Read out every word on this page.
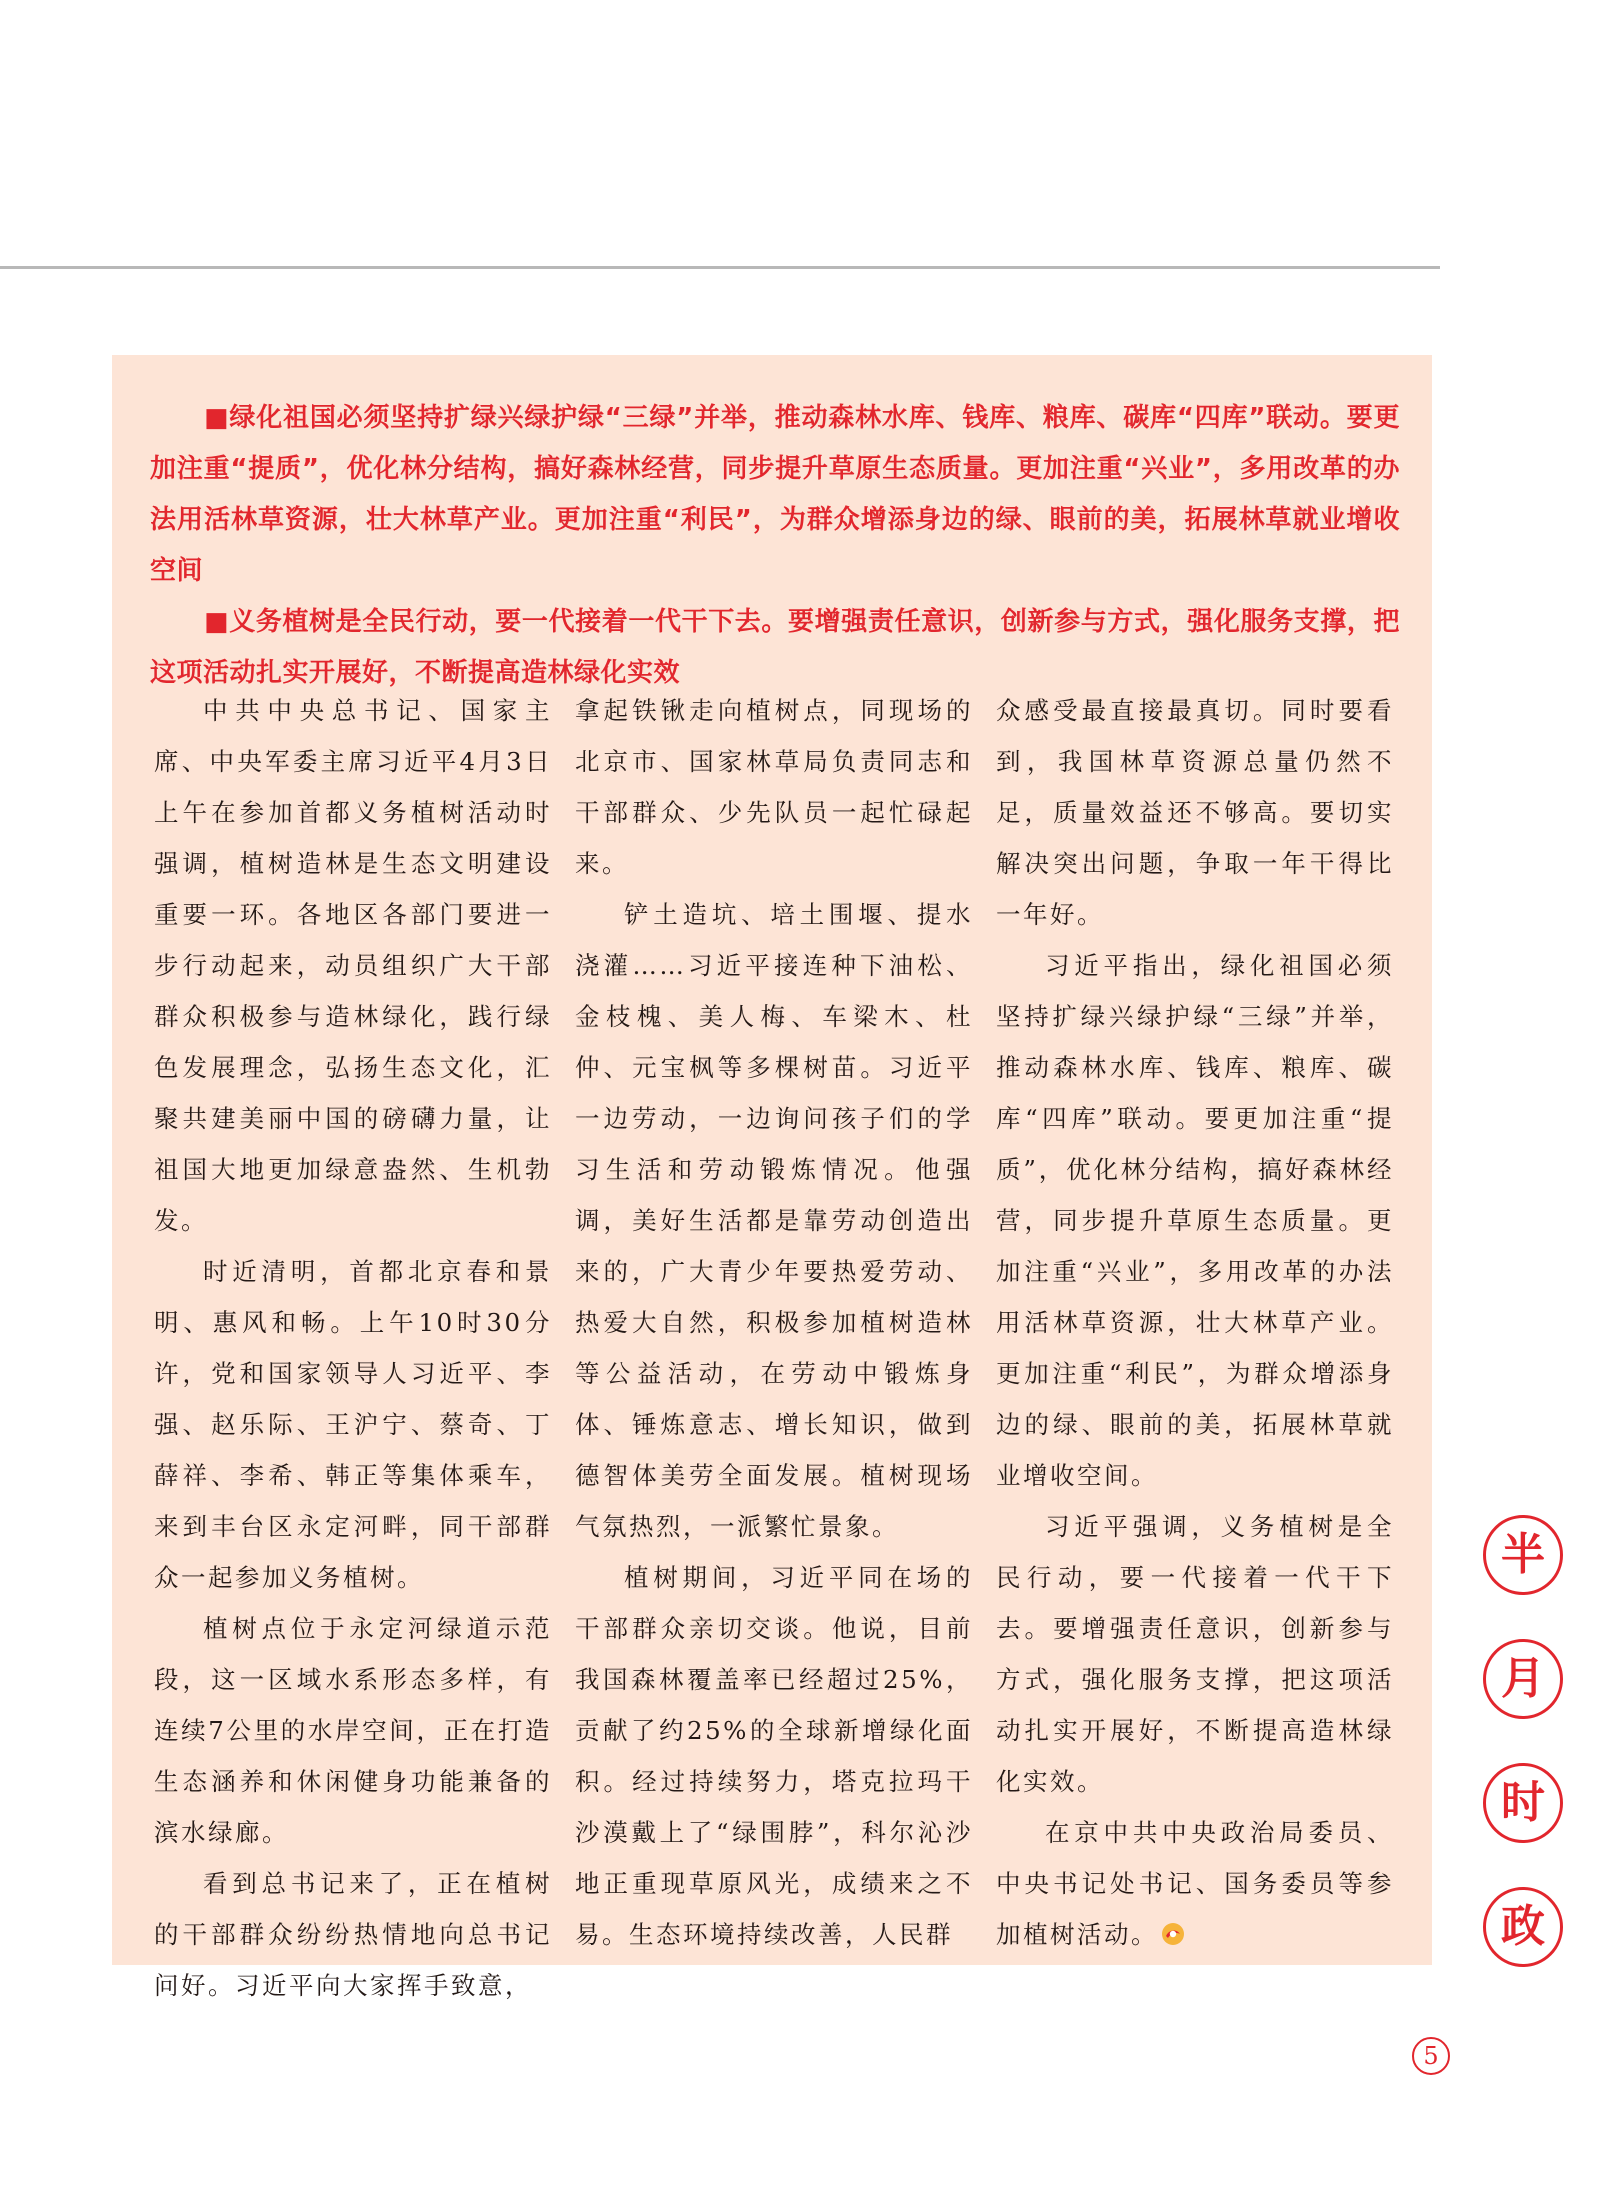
■绿化祖国必须坚持扩绿兴绿护绿“三绿”并举，推动森林水库、钱库、粮库、碳库“四库”联动。要更加注重“提质”，优化林分结构，搞好森林经营，同步提升草原生态质量。更加注重“兴业”，多用改革的办法用活林草资源，壮大林草产业。更加注重“利民”，为群众增添身边的绿、眼前的美，拓展林草就业增收空间

■义务植树是全民行动，要一代接着一代干下去。要增强责任意识，创新参与方式，强化服务支撑，把这项活动扎实开展好，不断提高造林绿化实效

中共中央总书记、国家主席、中央军委主席习近平4月3日上午在参加首都义务植树活动时强调，植树造林是生态文明建设重要一环。各地区各部门要进一步行动起来，动员组织广大干部群众积极参与造林绿化，践行绿色发展理念，弘扬生态文化，汇聚共建美丽中国的磅礴力量，让祖国大地更加绿意盎然、生机勃发。

时近清明，首都北京春和景明、惠风和畅。上午10时30分许，党和国家领导人习近平、李强、赵乐际、王沪宁、蔡奇、丁薛祥、李希、韩正等集体乘车，来到丰台区永定河畔，同干部群众一起参加义务植树。

植树点位于永定河绿道示范段，这一区域水系形态多样，有连续7公里的水岸空间，正在打造生态涵养和休闲健身功能兼备的滨水绿廊。

看到总书记来了，正在植树的干部群众纷纷热情地向总书记问好。习近平向大家挥手致意，

拿起铁锹走向植树点，同现场的北京市、国家林草局负责同志和干部群众、少先队员一起忙碌起来。

铲土造坑、培土围堰、提水浇灌……习近平接连种下油松、金枝槐、美人梅、车梁木、杜仲、元宝枫等多棵树苗。习近平一边劳动，一边询问孩子们的学习生活和劳动锻炼情况。他强调，美好生活都是靠劳动创造出来的，广大青少年要热爱劳动、热爱大自然，积极参加植树造林等公益活动，在劳动中锻炼身体、锤炼意志、增长知识，做到德智体美劳全面发展。植树现场气氛热烈，一派繁忙景象。

植树期间，习近平同在场的干部群众亲切交谈。他说，目前我国森林覆盖率已经超过25%，贡献了约25%的全球新增绿化面积。经过持续努力，塔克拉玛干沙漠戴上了“绿围脖”，科尔沁沙地正重现草原风光，成绩来之不易。生态环境持续改善，人民群

众感受最直接最真切。同时要看到，我国林草资源总量仍然不足，质量效益还不够高。要切实解决突出问题，争取一年干得比一年好。

习近平指出，绿化祖国必须坚持扩绿兴绿护绿“三绿”并举，推动森林水库、钱库、粮库、碳库“四库”联动。要更加注重“提质”，优化林分结构，搞好森林经营，同步提升草原生态质量。更加注重“兴业”，多用改革的办法用活林草资源，壮大林草产业。更加注重“利民”，为群众增添身边的绿、眼前的美，拓展林草就业增收空间。

习近平强调，义务植树是全民行动，要一代接着一代干下去。要增强责任意识，创新参与方式，强化服务支撑，把这项活动扎实开展好，不断提高造林绿化实效。

在京中共中央政治局委员、中央书记处书记、国务委员等参加植树活动。

半
月
时
政
5
